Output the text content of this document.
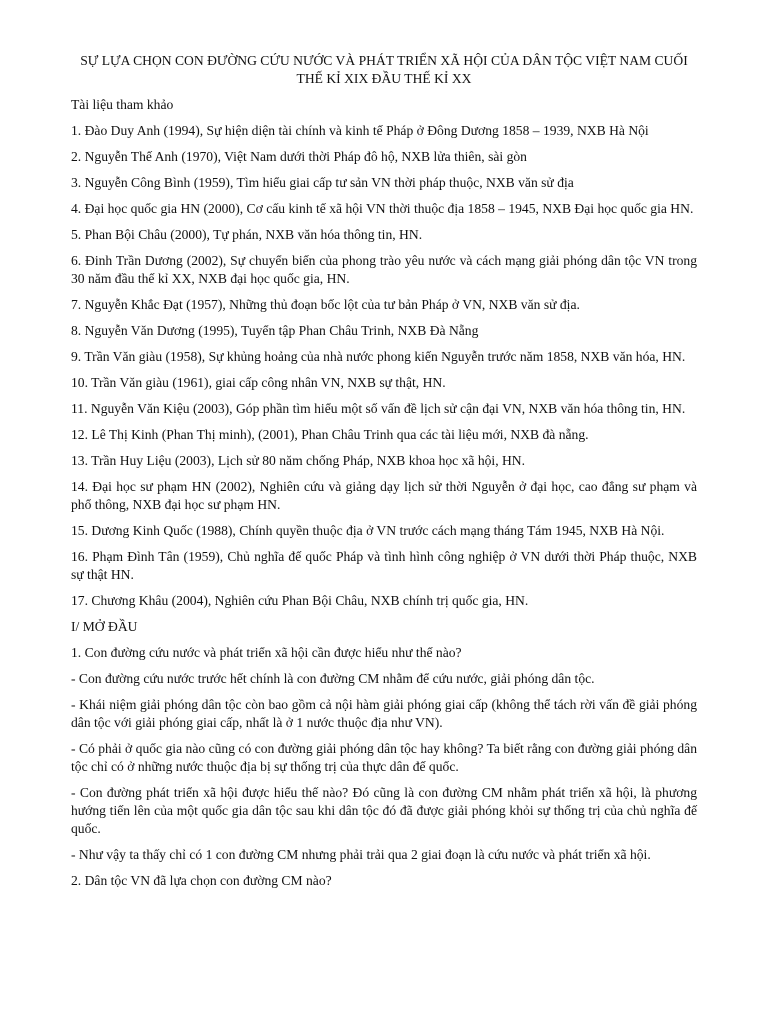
SỰ LỰA CHỌN CON ĐƯỜNG CỨU NƯỚC VÀ PHÁT TRIỂN XÃ HỘI CỦA DÂN TỘC VIỆT NAM CUỐI THẾ KỈ XIX ĐẦU THẾ KỈ XX

Tài liệu tham khảo

1. Đào Duy Anh (1994), Sự hiện diện tài chính và kinh tế Pháp ở Đông Dương 1858 – 1939, NXB Hà Nội

2. Nguyễn Thế Anh (1970), Việt Nam dưới thời Pháp đô hộ, NXB lửa thiên, sài gòn

3. Nguyễn Công Bình (1959), Tìm hiểu giai cấp tư sản VN thời pháp thuộc, NXB văn sử địa

4. Đại học quốc gia HN (2000), Cơ cấu kinh tế xã hội VN thời thuộc địa 1858 – 1945, NXB Đại học quốc gia HN.

5. Phan Bội Châu (2000), Tự phán, NXB văn hóa thông tin, HN.

6. Đinh Trần Dương (2002), Sự chuyển biến của phong trào yêu nước và cách mạng giải phóng dân tộc VN trong 30 năm đầu thế kỉ XX, NXB đại học quốc gia, HN.

7. Nguyễn Khắc Đạt (1957), Những thủ đoạn bốc lột của tư bản Pháp ở VN, NXB văn sử địa.

8. Nguyễn Văn Dương (1995), Tuyển tập Phan Châu Trinh, NXB Đà Nẵng

9. Trần Văn giàu (1958), Sự khủng hoảng của nhà nước phong kiến Nguyễn trước năm 1858, NXB văn hóa, HN.

10. Trần Văn giàu (1961), giai cấp công nhân VN, NXB sự thật, HN.

11. Nguyễn Văn Kiệu (2003), Góp phần tìm hiểu một số vấn đề lịch sử cận đại VN, NXB văn hóa thông tin, HN.

12. Lê Thị Kinh (Phan Thị minh), (2001), Phan Châu Trinh qua các tài liệu mới, NXB đà nẵng.

13. Trần Huy Liệu (2003), Lịch sử 80 năm chống Pháp, NXB khoa học xã hội, HN.

14. Đại học sư phạm HN (2002), Nghiên cứu và giảng dạy lịch sử thời Nguyễn ở đại học, cao đẳng sư phạm và phổ thông, NXB đại học sư phạm HN.

15. Dương Kinh Quốc (1988), Chính quyền thuộc địa ở VN trước cách mạng tháng Tám 1945, NXB Hà Nội.

16. Phạm Đình Tân (1959), Chủ nghĩa đế quốc Pháp và tình hình công nghiệp ở VN dưới thời Pháp thuộc, NXB sự thật HN.

17. Chương Khâu (2004), Nghiên cứu Phan Bội Châu, NXB chính trị quốc gia, HN.

I/ MỞ ĐẦU

1. Con đường cứu nước và phát triển xã hội cần được hiểu như thế nào?

- Con đường cứu nước trước hết chính là con đường CM nhằm để cứu nước, giải phóng dân tộc.

- Khái niệm giải phóng dân tộc còn bao gồm cả nội hàm giải phóng giai cấp (không thể tách rời vấn đề giải phóng dân tộc với giải phóng giai cấp, nhất là ở 1 nước thuộc địa như VN).

- Có phải ở quốc gia nào cũng có con đường giải phóng dân tộc hay không? Ta biết rằng con đường giải phóng dân tộc chỉ có ở những nước thuộc địa bị sự thống trị của thực dân đế quốc.

- Con đường phát triển xã hội được hiểu thế nào? Đó cũng là con đường CM nhằm phát triển xã hội, là phương hướng tiến lên của một quốc gia dân tộc sau khi dân tộc đó đã được giải phóng khỏi sự thống trị của chủ nghĩa đế quốc.

- Như vậy ta thấy chỉ có 1 con đường CM nhưng phải trải qua 2 giai đoạn là cứu nước và phát triển xã hội.

2. Dân tộc VN đã lựa chọn con đường CM nào?
